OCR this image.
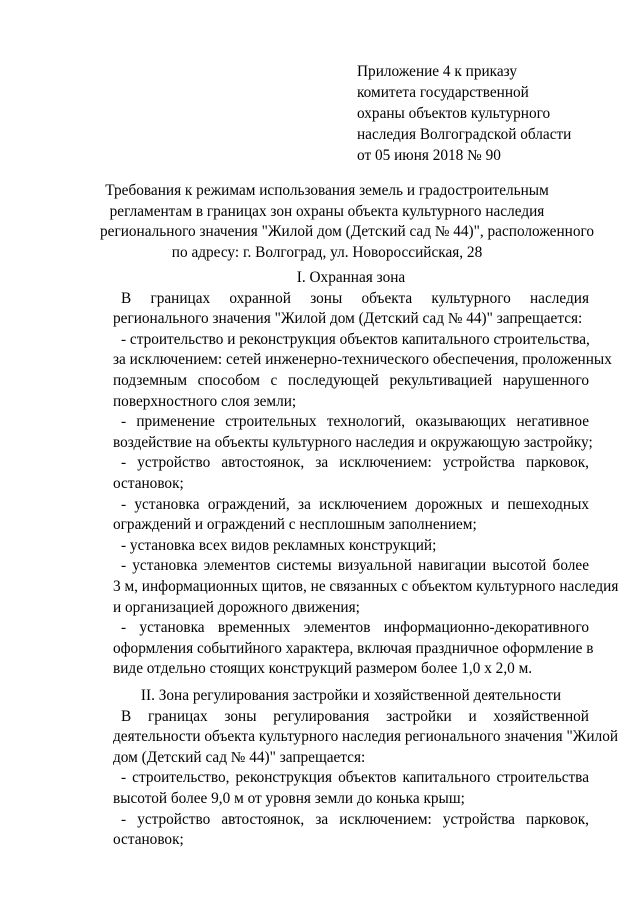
Приложение 4 к приказу
комитета государственной
охраны объектов культурного
наследия Волгоградской области
от 05 июня 2018 № 90
Требования к режимам использования земель и градостроительным
регламентам в границах зон охраны объекта культурного наследия
регионального значения "Жилой дом (Детский сад № 44)", расположенного
по адресу: г. Волгоград, ул. Новороссийская, 28
I. Охранная зона
В границах охранной зоны объекта культурного наследия
регионального значения "Жилой дом (Детский сад № 44)" запрещается:
- строительство и реконструкция объектов капитального строительства,
за исключением: сетей инженерно-технического обеспечения, проложенных
подземным способом с последующей рекультивацией нарушенного
поверхностного слоя земли;
- применение строительных технологий, оказывающих негативное
воздействие на объекты культурного наследия и окружающую застройку;
- устройство автостоянок, за исключением: устройства парковок,
остановок;
- установка ограждений, за исключением дорожных и пешеходных
ограждений и ограждений с несплошным заполнением;
- установка всех видов рекламных конструкций;
- установка элементов системы визуальной навигации высотой более
3 м, информационных щитов, не связанных с объектом культурного наследия
и организацией дорожного движения;
- установка временных элементов информационно-декоративного
оформления событийного характера, включая праздничное оформление в
виде отдельно стоящих конструкций размером более 1,0 х 2,0 м.
II. Зона регулирования застройки и хозяйственной деятельности
В границах зоны регулирования застройки и хозяйственной
деятельности объекта культурного наследия регионального значения "Жилой
дом (Детский сад № 44)" запрещается:
- строительство, реконструкция объектов капитального строительства
высотой более 9,0 м от уровня земли до конька крыш;
- устройство автостоянок, за исключением: устройства парковок,
остановок;
